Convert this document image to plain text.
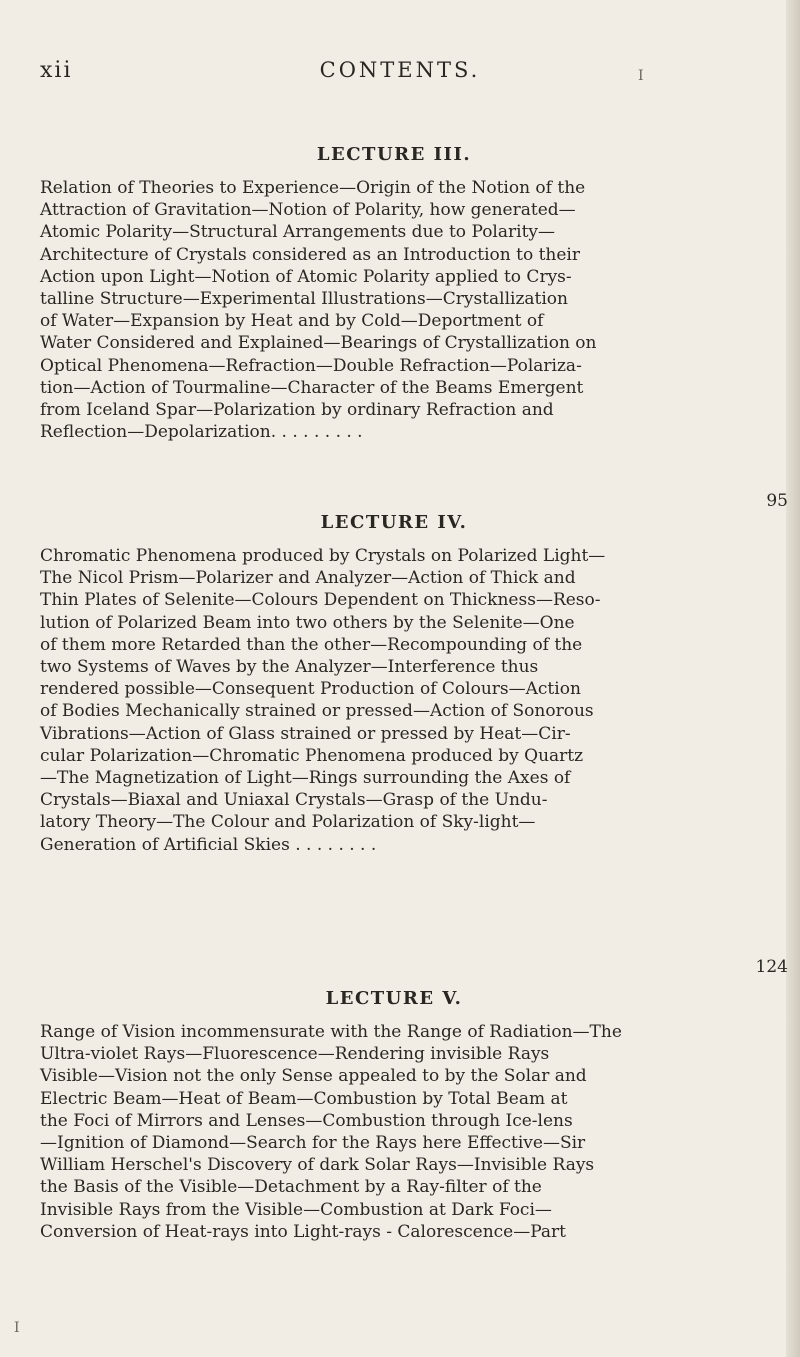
xii	CONTENTS.	I
I
LECTURE III.

Relation of Theories to Experience—Origin of the Notion of the
Attraction of Gravitation—Notion of Polarity, how generated—
Atomic Polarity—Structural Arrangements due to Polarity—
Architecture of Crystals considered as an Introduction to their
Action upon Light—Notion of Atomic Polarity applied to Crys-
talline Structure—Experimental Illustrations—Crystallization
of Water—Expansion by Heat and by Cold—Deportment of
Water Considered and Explained—Bearings of Crystallization on
Optical Phenomena—Refraction—Double Refraction—Polariza-
tion—Action of Tourmaline—Character of the Beams Emergent
from Iceland Spar—Polarization by ordinary Refraction and
Reflection—Depolarization. . . . . . . . .

95
LECTURE IV.

Chromatic Phenomena produced by Crystals on Polarized Light—
The Nicol Prism—Polarizer and Analyzer—Action of Thick and
Thin Plates of Selenite—Colours Dependent on Thickness—Reso-
lution of Polarized Beam into two others by the Selenite—One
of them more Retarded than the other—Recompounding of the
two Systems of Waves by the Analyzer—Interference thus
rendered possible—Consequent Production of Colours—Action
of Bodies Mechanically strained or pressed—Action of Sonorous
Vibrations—Action of Glass strained or pressed by Heat—Cir-
cular Polarization—Chromatic Phenomena produced by Quartz
—The Magnetization of Light—Rings surrounding the Axes of
Crystals—Biaxal and Uniaxal Crystals—Grasp of the Undu-
latory Theory—The Colour and Polarization of Sky-light—
Generation of Artificial Skies . . . . . . . .

124
LECTURE V.

Range of Vision incommensurate with the Range of Radiation—The
Ultra-violet Rays—Fluorescence—Rendering invisible Rays
Visible—Vision not the only Sense appealed to by the Solar and
Electric Beam—Heat of Beam—Combustion by Total Beam at
the Foci of Mirrors and Lenses—Combustion through Ice-lens
—Ignition of Diamond—Search for the Rays here Effective—Sir
William Herschel's Discovery of dark Solar Rays—Invisible Rays
the Basis of the Visible—Detachment by a Ray-filter of the
Invisible Rays from the Visible—Combustion at Dark Foci—
Conversion of Heat-rays into Light-rays - Calorescence—Part
